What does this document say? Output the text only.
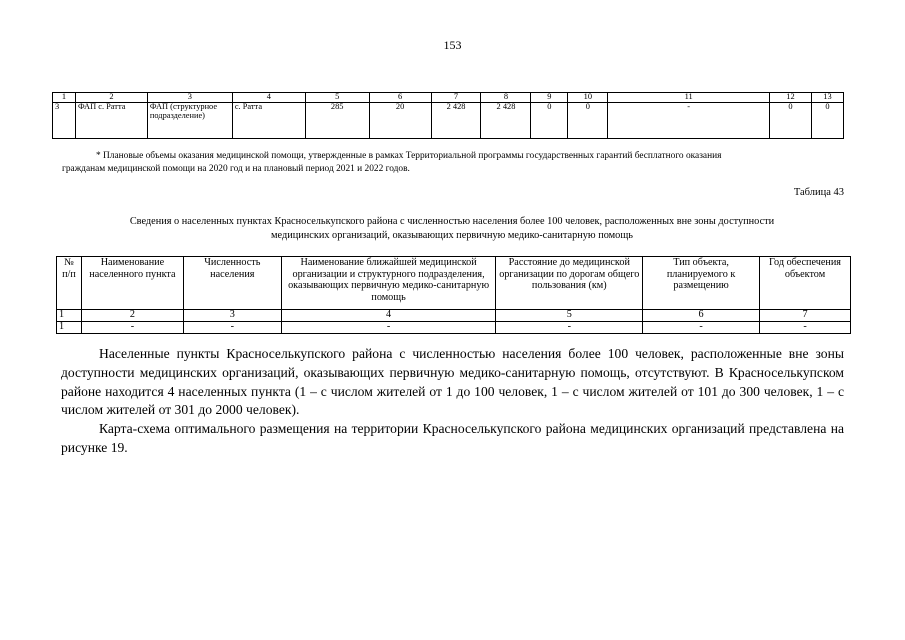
153
1	2	3	4	5	6	7	8	9	10	11	12	13
3	ФАП с. Ратта	ФАП (структурное подразделение)	с. Ратта	285	20	2 428	2 428	0	0	-	0	0
* Плановые объемы оказания медицинской помощи, утвержденные в рамках Территориальной программы государственных гарантий бесплатного оказания
гражданам медицинской помощи на 2020 год и на плановый период 2021 и 2022 годов.
Таблица 43
Сведения о населенных пунктах Красноселькупского района с численностью населения более 100 человек, расположенных вне зоны доступности
медицинских организаций, оказывающих первичную медико-санитарную помощь
№ п/п	Наименование населенного пункта	Численность населения	Наименование ближайшей медицинской организации и структурного подразделения, оказывающих первичную медико-санитарную помощь	Расстояние до медицинской организации по дорогам общего пользования (км)	Тип объекта, планируемого к размещению	Год обеспечения объектом
1	2	3	4	5	6	7
1	-	-	-	-	-	-

Населенные пункты Красноселькупского района с численностью населения более 100 человек, расположенные вне зоны доступности медицинских организаций, оказывающих первичную медико-санитарную помощь, отсутствуют. В Красноселькупском районе находится 4 населенных пункта (1 – с числом жителей от 1 до 100 человек, 1 – с числом жителей от 101 до 300 человек, 1 – с числом жителей от 301 до 2000 человек).

Карта-схема оптимального размещения на территории Красноселькупского района медицинских организаций представлена на рисунке 19.
